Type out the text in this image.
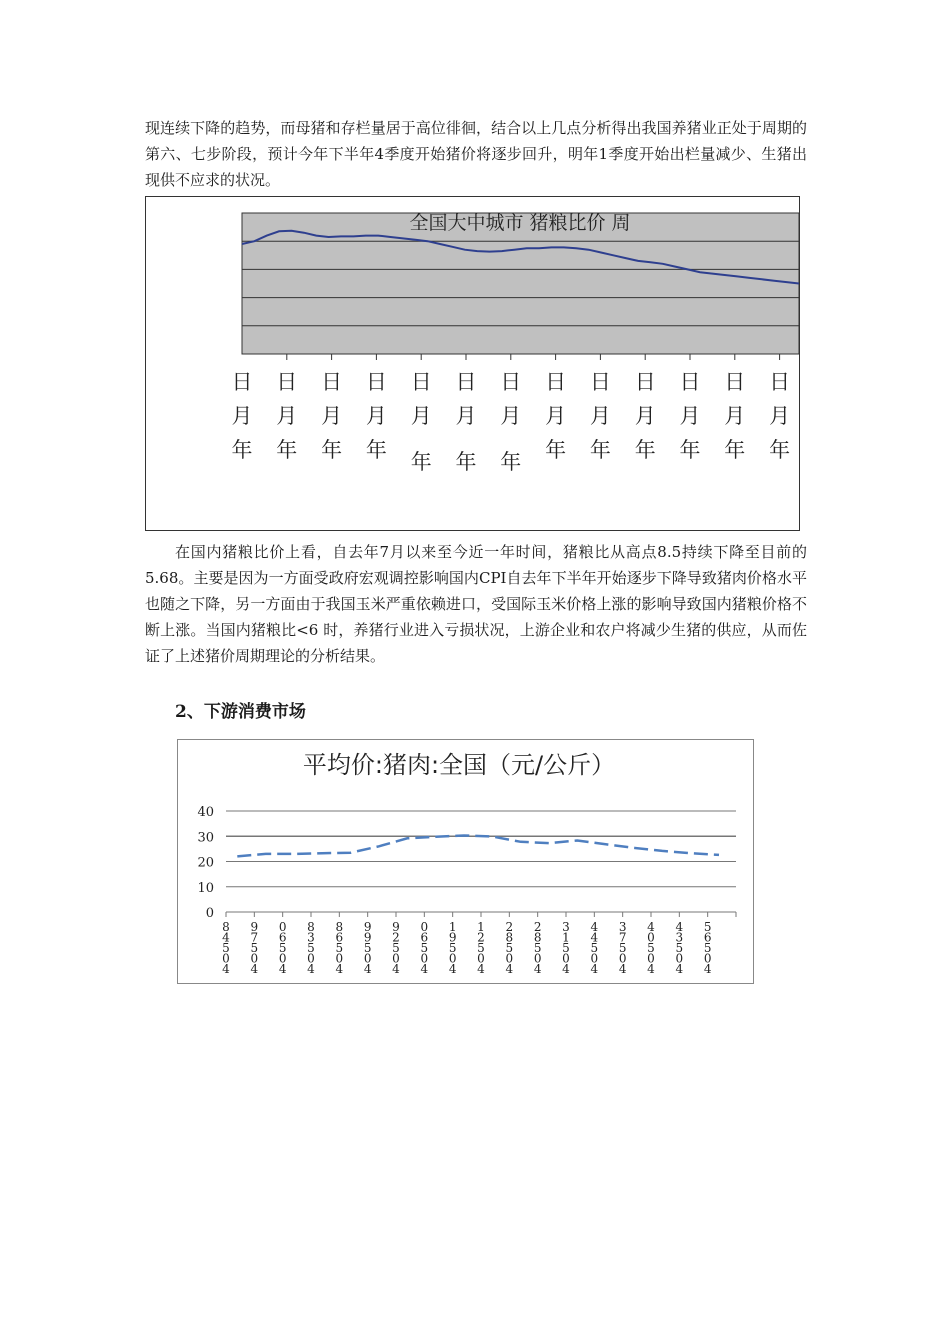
现连续下降的趋势，而母猪和存栏量居于高位徘徊，结合以上几点分析得出我国养猪业正处于周期的第六、七步阶段，预计今年下半年4季度开始猪价将逐步回升，明年1季度开始出栏量减少、生猪出现供不应求的状况。

全国大中城市 猪粮比价 周
日
月
年
日
月
年
日
月
年
日
月
年
日
月
年
日
月
年
日
月
年
日
月
年
日
月
年
日
月
年
日
月
年
日
月
年
日
月
年

在国内猪粮比价上看，自去年7月以来至今近一年时间，猪粮比从高点8.5持续下降至目前的5.68。主要是因为一方面受政府宏观调控影响国内CPI自去年下半年开始逐步下降导致猪肉价格水平也随之下降，另一方面由于我国玉米严重依赖进口，受国际玉米价格上涨的影响导致国内猪粮价格不断上涨。当国内猪粮比<6 时，养猪行业进入亏损状况，上游企业和农户将减少生猪的供应，从而佐证了上述猪价周期理论的分析结果。

2、下游消费市场
平均价:猪肉:全国（元/公斤）
40
30
20
10
0
8
4
5
0
4
9
7
5
0
4
0
6
5
0
4
8
3
5
0
4
8
6
5
0
4
9
9
5
0
4
9
2
5
0
4
0
6
5
0
4
1
9
5
0
4
1
2
5
0
4
2
8
5
0
4
2
8
5
0
4
3
1
5
0
4
4
4
5
0
4
3
7
5
0
4
4
0
5
0
4
4
3
5
0
4
5
6
5
0
4
